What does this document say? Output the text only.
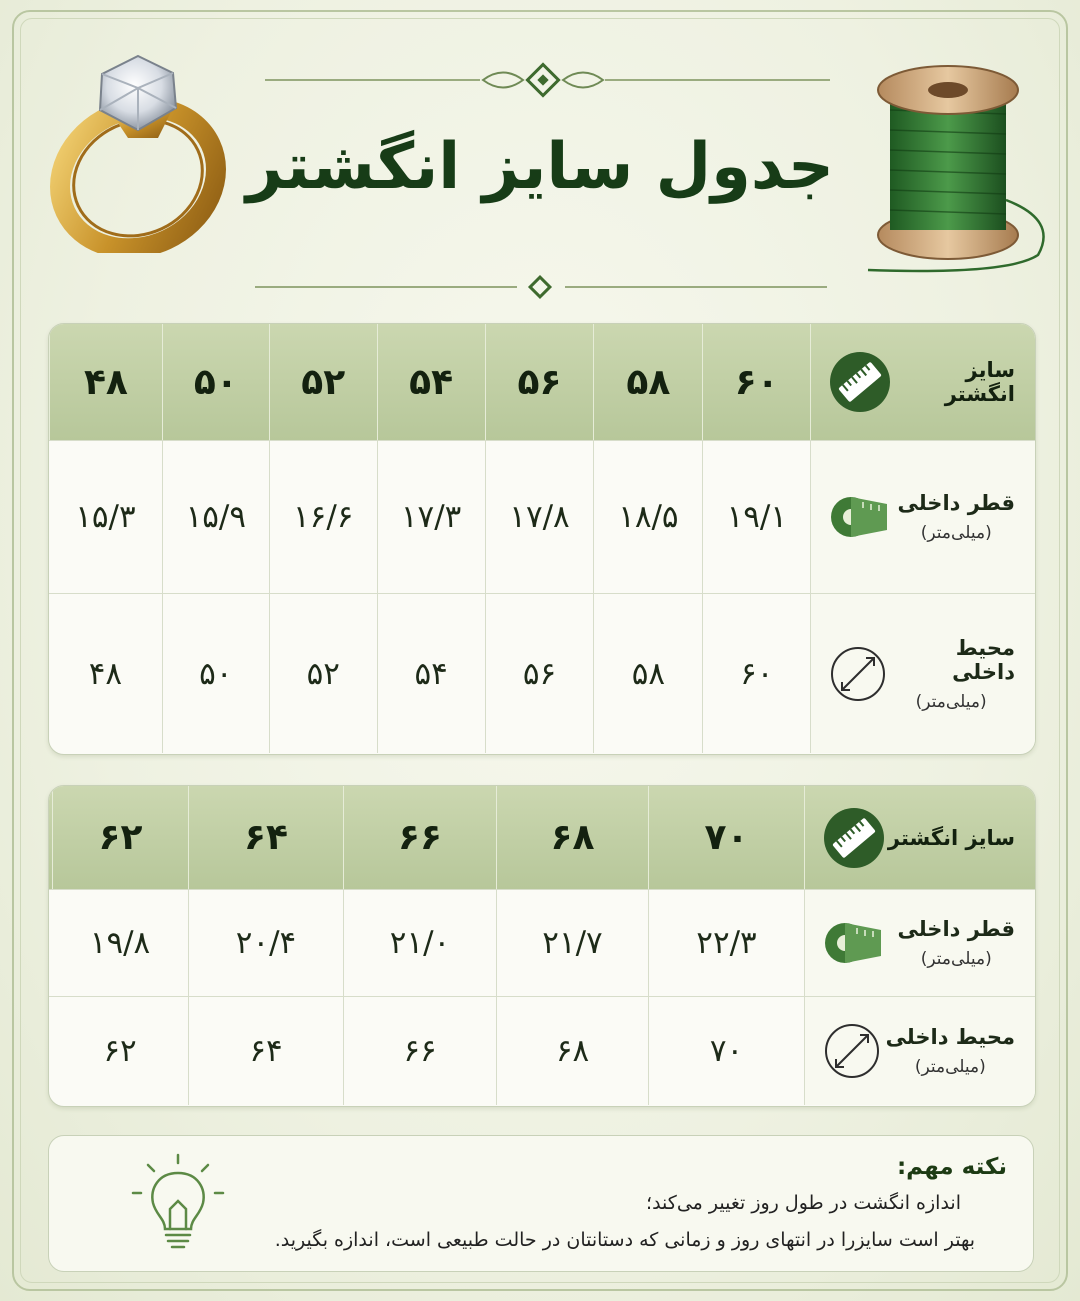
جدول سایز انگشتر
سایز انگشتر
۶۰
۵۸
۵۶
۵۴
۵۲
۵۰
۴۸
قطر داخلی
(میلی‌متر)
۱۹/۱
۱۸/۵
۱۷/۸
۱۷/۳
۱۶/۶
۱۵/۹
۱۵/۳
محیط داخلی
(میلی‌متر)
۶۰
۵۸
۵۶
۵۴
۵۲
۵۰
۴۸
سایز انگشتر
۷۰
۶۸
۶۶
۶۴
۶۲
قطر داخلی
(میلی‌متر)
۲۲/۳
۲۱/۷
۲۱/۰
۲۰/۴
۱۹/۸
محیط داخلی
(میلی‌متر)
۷۰
۶۸
۶۶
۶۴
۶۲
نکته مهم:
اندازه انگشت در طول روز تغییر می‌کند؛
بهتر است سایزرا در انتهای روز و زمانی که دستانتان در حالت طبیعی است، اندازه بگیرید.
